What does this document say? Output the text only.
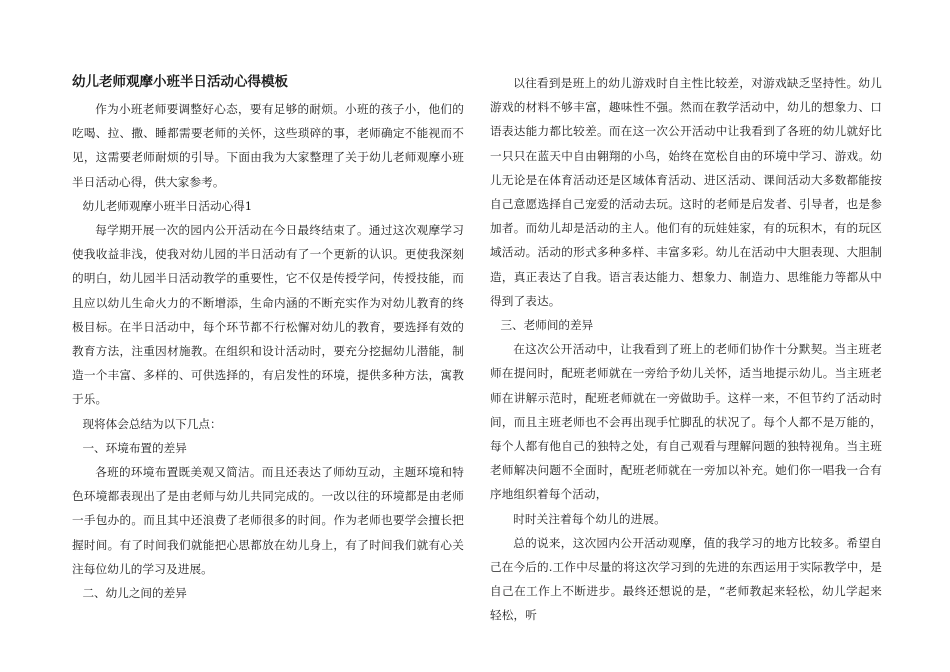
幼儿老师观摩小班半日活动心得模板

作为小班老师要调整好心态，要有足够的耐烦。小班的孩子小，他们的吃喝、拉、撒、睡都需要老师的关怀，这些琐碎的事，老师确定不能视而不见，这需要老师耐烦的引导。下面由我为大家整理了关于幼儿老师观摩小班半日活动心得，供大家参考。

幼儿老师观摩小班半日活动心得1

每学期开展一次的园内公开活动在今日最终结束了。通过这次观摩学习使我收益非浅，使我对幼儿园的半日活动有了一个更新的认识。更使我深刻的明白，幼儿园半日活动教学的重要性，它不仅是传授学问，传授技能，而且应以幼儿生命火力的不断增添，生命内涵的不断充实作为对幼儿教育的终极目标。在半日活动中，每个环节都不行松懈对幼儿的教育，要选择有效的教育方法，注重因材施教。在组织和设计活动时，要充分挖掘幼儿潜能，制造一个丰富、多样的、可供选择的，有启发性的环境，提供多种方法，寓教于乐。

现将体会总结为以下几点：

一、环境布置的差异

各班的环境布置既美观又简洁。而且还表达了师幼互动，主题环境和特色环境都表现出了是由老师与幼儿共同完成的。一改以往的环境都是由老师一手包办的。而且其中还浪费了老师很多的时间。作为老师也要学会擅长把握时间。有了时间我们就能把心思都放在幼儿身上，有了时间我们就有心关注每位幼儿的学习及进展。

二、幼儿之间的差异

以往看到是班上的幼儿游戏时自主性比较差，对游戏缺乏坚持性。幼儿游戏的材料不够丰富，趣味性不强。然而在教学活动中，幼儿的想象力、口语表达能力都比较差。而在这一次公开活动中让我看到了各班的幼儿就好比一只只在蓝天中自由翱翔的小鸟，始终在宽松自由的环境中学习、游戏。幼儿无论是在体育活动还是区域体育活动、进区活动、课间活动大多数都能按自己意愿选择自己宠爱的活动去玩。这时的老师是启发者、引导者，也是参加者。而幼儿却是活动的主人。他们有的玩娃娃家，有的玩积木，有的玩区域活动。活动的形式多种多样、丰富多彩。幼儿在活动中大胆表现、大胆制造，真正表达了自我。语言表达能力、想象力、制造力、思维能力等都从中得到了表达。

三、老师间的差异

在这次公开活动中，让我看到了班上的老师们协作十分默契。当主班老师在提问时，配班老师就在一旁给予幼儿关怀，适当地提示幼儿。当主班老师在讲解示范时，配班老师就在一旁做助手。这样一来，不但节约了活动时间，而且主班老师也不会再出现手忙脚乱的状况了。每个人都不是万能的，每个人都有他自己的独特之处，有自己观看与理解问题的独特视角。当主班老师解决问题不全面时，配班老师就在一旁加以补充。她们你一唱我一合有序地组织着每个活动，

时时关注着每个幼儿的进展。

总的说来，这次园内公开活动观摩，值的我学习的地方比较多。希望自己在今后的.工作中尽量的将这次学习到的先进的东西运用于实际教学中，是自己在工作上不断进步。最终还想说的是，“老师教起来轻松，幼儿学起来轻松，听
